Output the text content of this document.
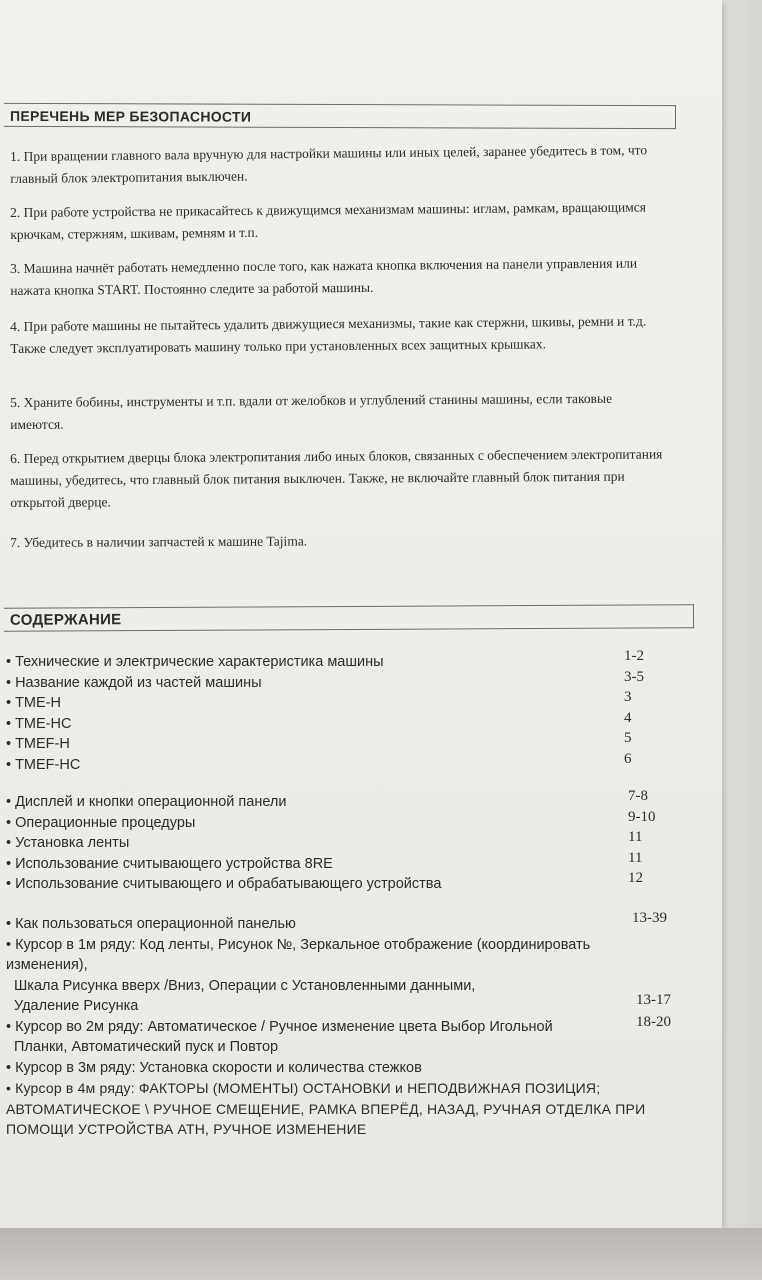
ПЕРЕЧЕНЬ МЕР БЕЗОПАСНОСТИ
1. При вращении главного вала вручную для настройки машины или иных целей, заранее убедитесь в том, что главный блок электропитания выключен.
2. При работе устройства не прикасайтесь к движущимся механизмам машины: иглам, рамкам, вращающимся крючкам, стержням, шкивам, ремням и т.п.
3. Машина начнёт работать немедленно после того, как нажата кнопка включения на панели управления или нажата кнопка START. Постоянно следите за работой машины.
4. При работе машины не пытайтесь удалить движущиеся механизмы, такие как стержни, шкивы, ремни и т.д. Также следует эксплуатировать машину только при установленных всех защитных крышках.
5. Храните бобины, инструменты и т.п. вдали от желобков и углублений станины машины, если таковые имеются.
6. Перед открытием дверцы блока электропитания либо иных блоков, связанных с обеспечением электропитания машины, убедитесь, что главный блок питания выключен. Также, не включайте главный блок питания при открытой дверце.
7. Убедитесь в наличии запчастей к машине Tajima.
СОДЕРЖАНИЕ
• Технические и электрические характеристика машины
• Название каждой из частей машины
• TME-H
• TME-HC
• TMEF-H
• TMEF-HC
1-2
3-5
3
4
5
6
• Дисплей и кнопки операционной панели
• Операционные процедуры
• Установка ленты
• Использование считывающего устройства 8RE
• Использование считывающего и обрабатывающего устройства
7-8
9-10
11
11
12
• Как пользоваться операционной панелью
• Курсор в 1м ряду: Код ленты, Рисунок №, Зеркальное отображение (координировать изменения),
Шкала Рисунка вверх /Вниз, Операции с Установленными данными,
Удаление Рисунка
• Курсор во 2м ряду: Автоматическое / Ручное изменение цвета Выбор Игольной
Планки, Автоматический пуск и Повтор
• Курсор в 3м ряду: Установка скорости и количества стежков
• Курсор в 4м ряду: ФАКТОРЫ (МОМЕНТЫ) ОСТАНОВКИ и НЕПОДВИЖНАЯ ПОЗИЦИЯ; АВТОМАТИЧЕСКОЕ \ РУЧНОЕ СМЕЩЕНИЕ, РАМКА ВПЕРЁД, НАЗАД, РУЧНАЯ ОТДЕЛКА ПРИ ПОМОЩИ УСТРОЙСТВА АТН, РУЧНОЕ ИЗМЕНЕНИЕ
13-39
13-17
18-20
